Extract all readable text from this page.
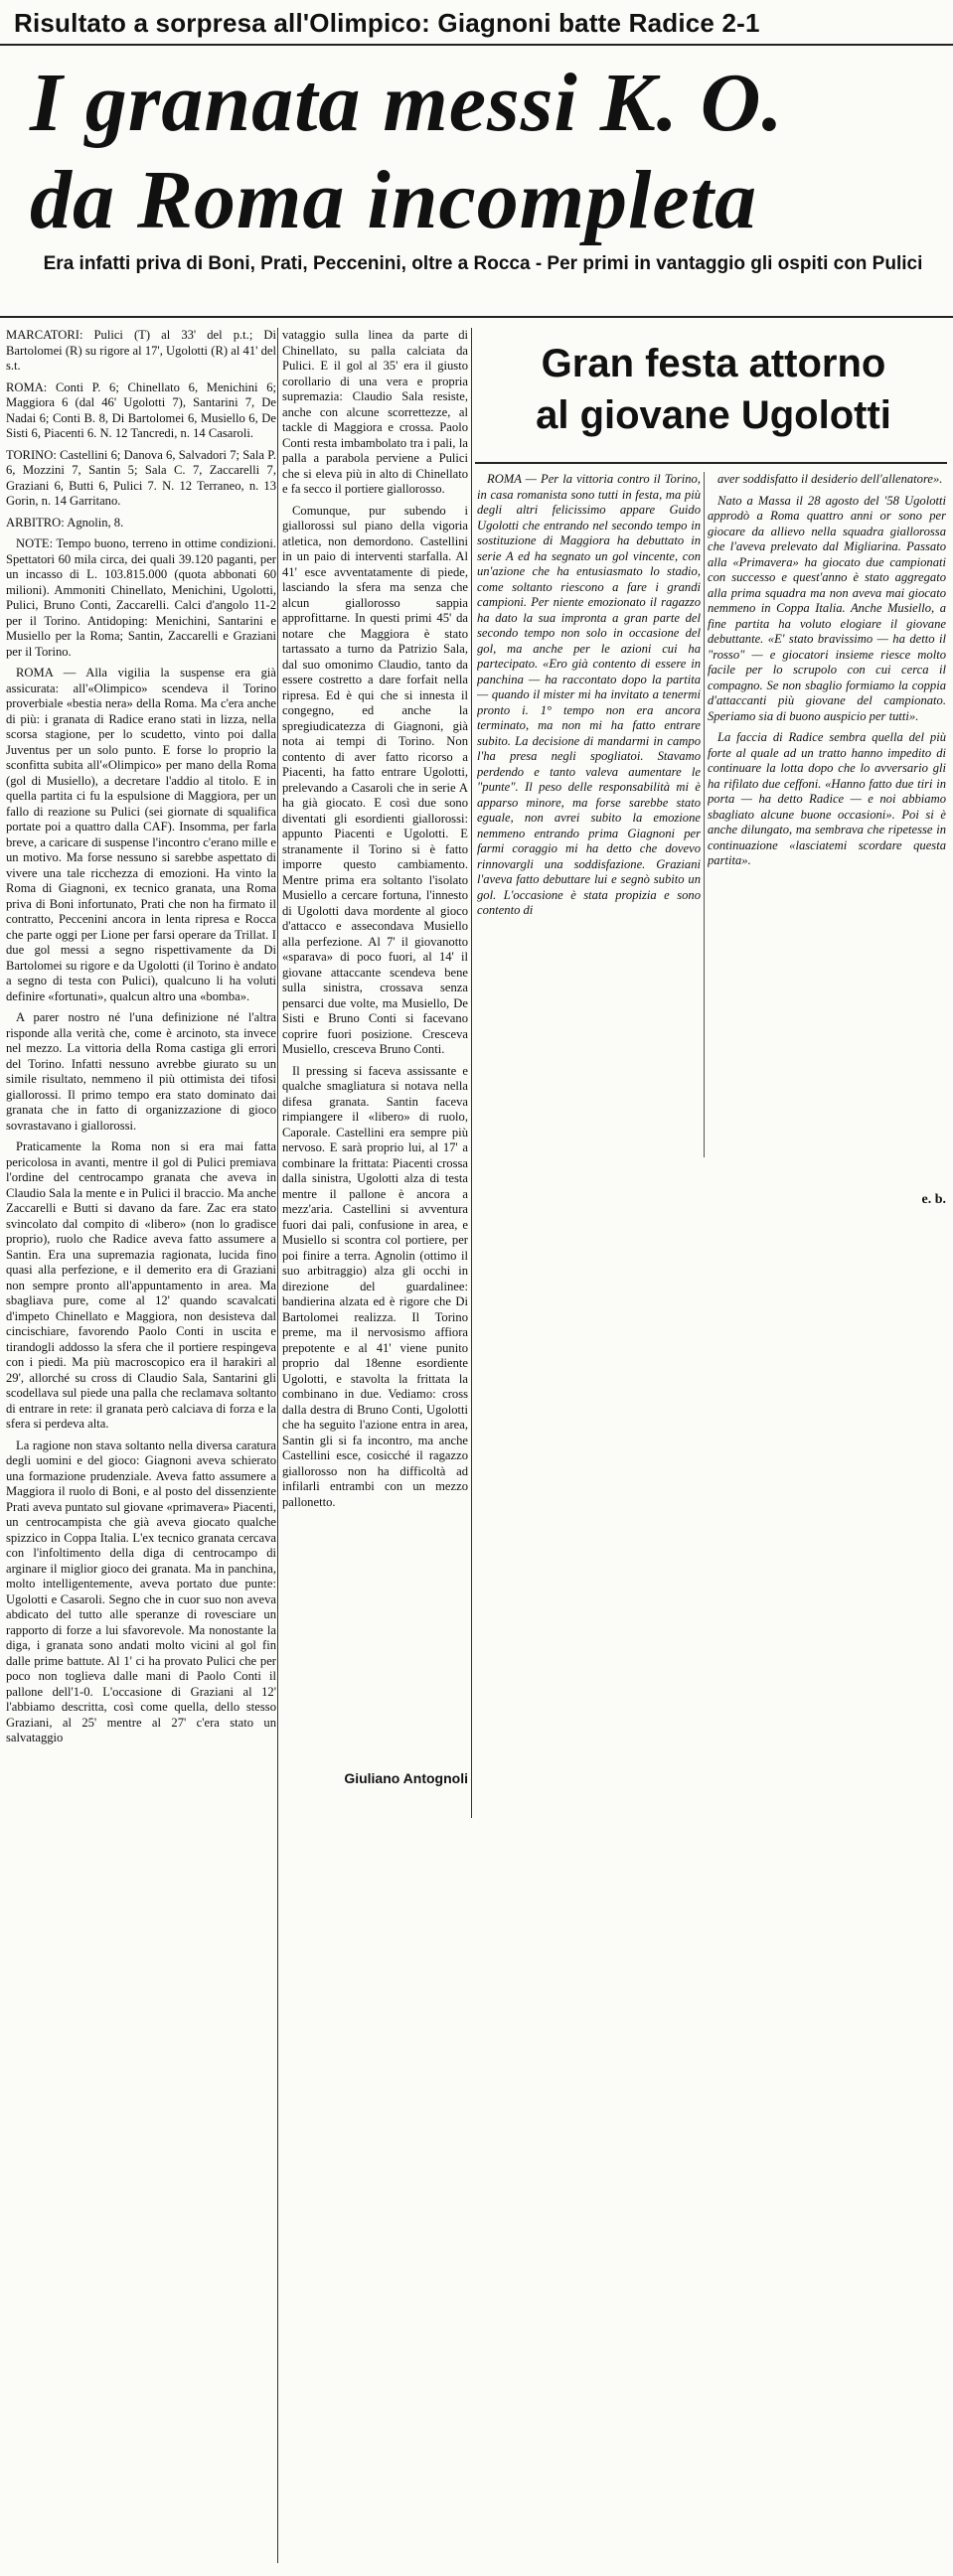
Risultato a sorpresa all'Olimpico: Giagnoni batte Radice 2-1
I granata messi K. O.
da Roma incompleta
Era infatti priva di Boni, Prati, Peccenini, oltre a Rocca - Per primi in vantaggio gli ospiti con Pulici

MARCATORI: Pulici (T) al 33' del p.t.; Di Bartolomei (R) su rigore al 17', Ugolotti (R) al 41' del s.t.

ROMA: Conti P. 6; Chinellato 6, Menichini 6; Maggiora 6 (dal 46' Ugolotti 7), Santarini 7, De Nadai 6; Conti B. 8, Di Bartolomei 6, Musiello 6, De Sisti 6, Piacenti 6. N. 12 Tancredi, n. 14 Casaroli.

TORINO: Castellini 6; Danova 6, Salvadori 7; Sala P. 6, Mozzini 7, Santin 5; Sala C. 7, Zaccarelli 7, Graziani 6, Butti 6, Pulici 7. N. 12 Terraneo, n. 13 Gorin, n. 14 Garritano.

ARBITRO: Agnolin, 8.

NOTE: Tempo buono, terreno in ottime condizioni. Spettatori 60 mila circa, dei quali 39.120 paganti, per un incasso di L. 103.815.000 (quota abbonati 60 milioni). Ammoniti Chinellato, Menichini, Ugolotti, Pulici, Bruno Conti, Zaccarelli. Calci d'angolo 11-2 per il Torino. Antidoping: Menichini, Santarini e Musiello per la Roma; Santin, Zaccarelli e Graziani per il Torino.

ROMA — Alla vigilia la suspense era già assicurata: all'«Olimpico» scendeva il Torino proverbiale «bestia nera» della Roma. Ma c'era anche di più: i granata di Radice erano stati in lizza, nella scorsa stagione, per lo scudetto, vinto poi dalla Juventus per un solo punto. E forse lo proprio la sconfitta subita all'«Olimpico» per mano della Roma (gol di Musiello), a decretare l'addio al titolo. E in quella partita ci fu la espulsione di Maggiora, per un fallo di reazione su Pulici (sei giornate di squalifica portate poi a quattro dalla CAF). Insomma, per farla breve, a caricare di suspense l'incontro c'erano mille e un motivo. Ma forse nessuno si sarebbe aspettato di vivere una tale ricchezza di emozioni. Ha vinto la Roma di Giagnoni, ex tecnico granata, una Roma priva di Boni infortunato, Prati che non ha firmato il contratto, Peccenini ancora in lenta ripresa e Rocca che parte oggi per Lione per farsi operare da Trillat. I due gol messi a segno rispettivamente da Di Bartolomei su rigore e da Ugolotti (il Torino è andato a segno di testa con Pulici), qualcuno li ha voluti definire «fortunati», qualcun altro una «bomba».

A parer nostro né l'una definizione né l'altra risponde alla verità che, come è arcinoto, sta invece nel mezzo. La vittoria della Roma castiga gli errori del Torino. Infatti nessuno avrebbe giurato su un simile risultato, nemmeno il più ottimista dei tifosi giallorossi. Il primo tempo era stato dominato dai granata che in fatto di organizzazione di gioco sovrastavano i giallorossi.

Praticamente la Roma non si era mai fatta pericolosa in avanti, mentre il gol di Pulici premiava l'ordine del centrocampo granata che aveva in Claudio Sala la mente e in Pulici il braccio. Ma anche Zaccarelli e Butti si davano da fare. Zac era stato svincolato dal compito di «libero» (non lo gradisce proprio), ruolo che Radice aveva fatto assumere a Santin. Era una supremazia ragionata, lucida fino quasi alla perfezione, e il demerito era di Graziani non sempre pronto all'appuntamento in area. Ma sbagliava pure, come al 12' quando scavalcati d'impeto Chinellato e Maggiora, non desisteva dal cincischiare, favorendo Paolo Conti in uscita e tirandogli addosso la sfera che il portiere respingeva con i piedi. Ma più macroscopico era il harakiri al 29', allorché su cross di Claudio Sala, Santarini gli scodellava sul piede una palla che reclamava soltanto di entrare in rete: il granata però calciava di forza e la sfera si perdeva alta.

La ragione non stava soltanto nella diversa caratura degli uomini e del gioco: Giagnoni aveva schierato una formazione prudenziale. Aveva fatto assumere a Maggiora il ruolo di Boni, e al posto del dissenziente Prati aveva puntato sul giovane «primavera» Piacenti, un centrocampista che già aveva giocato qualche spizzico in Coppa Italia. L'ex tecnico granata cercava con l'infoltimento della diga di centrocampo di arginare il miglior gioco dei granata. Ma in panchina, molto intelligentemente, aveva portato due punte: Ugolotti e Casaroli. Segno che in cuor suo non aveva abdicato del tutto alle speranze di rovesciare un rapporto di forze a lui sfavorevole. Ma nonostante la diga, i granata sono andati molto vicini al gol fin dalle prime battute. Al 1' ci ha provato Pulici che per poco non toglieva dalle mani di Paolo Conti il pallone dell'1-0. L'occasione di Graziani al 12' l'abbiamo descritta, così come quella, dello stesso Graziani, al 25' mentre al 27' c'era stato un salvataggio

vataggio sulla linea da parte di Chinellato, su palla calciata da Pulici. E il gol al 35' era il giusto corollario di una vera e propria supremazia: Claudio Sala resiste, anche con alcune scorrettezze, al tackle di Maggiora e crossa. Paolo Conti resta imbambolato tra i pali, la palla a parabola perviene a Pulici che si eleva più in alto di Chinellato e fa secco il portiere giallorosso.

Comunque, pur subendo i giallorossi sul piano della vigoria atletica, non demordono. Castellini in un paio di interventi starfalla. Al 41' esce avventatamente di piede, lasciando la sfera ma senza che alcun giallorosso sappia approfittarne. In questi primi 45' da notare che Maggiora è stato tartassato a turno da Patrizio Sala, dal suo omonimo Claudio, tanto da essere costretto a dare forfait nella ripresa. Ed è qui che si innesta il congegno, ed anche la spregiudicatezza di Giagnoni, già nota ai tempi di Torino. Non contento di aver fatto ricorso a Piacenti, ha fatto entrare Ugolotti, prelevando a Casaroli che in serie A ha già giocato. E così due sono diventati gli esordienti giallorossi: appunto Piacenti e Ugolotti. E stranamente il Torino si è fatto imporre questo cambiamento. Mentre prima era soltanto l'isolato Musiello a cercare fortuna, l'innesto di Ugolotti dava mordente al gioco d'attacco e assecondava Musiello alla perfezione. Al 7' il giovanotto «sparava» di poco fuori, al 14' il giovane attaccante scendeva bene sulla sinistra, crossava senza pensarci due volte, ma Musiello, De Sisti e Bruno Conti si facevano coprire fuori posizione. Cresceva Musiello, cresceva Bruno Conti.

Il pressing si faceva assissante e qualche smagliatura si notava nella difesa granata. Santin faceva rimpiangere il «libero» di ruolo, Caporale. Castellini era sempre più nervoso. E sarà proprio lui, al 17' a combinare la frittata: Piacenti crossa dalla sinistra, Ugolotti alza di testa mentre il pallone è ancora a mezz'aria. Castellini si avventura fuori dai pali, confusione in area, e Musiello si scontra col portiere, per poi finire a terra. Agnolin (ottimo il suo arbitraggio) alza gli occhi in direzione del guardalinee: bandierina alzata ed è rigore che Di Bartolomei realizza. Il Torino preme, ma il nervosismo affiora prepotente e al 41' viene punito proprio dal 18enne esordiente Ugolotti, e stavolta la frittata la combinano in due. Vediamo: cross dalla destra di Bruno Conti, Ugolotti che ha seguito l'azione entra in area, Santin gli si fa incontro, ma anche Castellini esce, cosicché il ragazzo giallorosso non ha difficoltà ad infilarli entrambi con un mezzo pallonetto.

Giuliano Antognoli
Gran festa attorno
al giovane Ugolotti

ROMA — Per la vittoria contro il Torino, in casa romanista sono tutti in festa, ma più degli altri felicissimo appare Guido Ugolotti che entrando nel secondo tempo in sostituzione di Maggiora ha debuttato in serie A ed ha segnato un gol vincente, con un'azione che ha entusiasmato lo stadio, come soltanto riescono a fare i grandi campioni. Per niente emozionato il ragazzo ha dato la sua impronta a gran parte del secondo tempo non solo in occasione del gol, ma anche per le azioni cui ha partecipato. «Ero già contento di essere in panchina — ha raccontato dopo la partita — quando il mister mi ha invitato a tenermi pronto i. 1° tempo non era ancora terminato, ma non mi ha fatto entrare subito. La decisione di mandarmi in campo l'ha presa negli spogliatoi. Stavamo perdendo e tanto valeva aumentare le "punte". Il peso delle responsabilità mi è apparso minore, ma forse sarebbe stato eguale, non avrei subito la emozione nemmeno entrando prima Giagnoni per farmi coraggio mi ha detto che dovevo rinnovargli una soddisfazione. Graziani l'aveva fatto debuttare lui e segnò subito un gol. L'occasione è stata propizia e sono contento di

aver soddisfatto il desiderio dell'allenatore».

Nato a Massa il 28 agosto del '58 Ugolotti approdò a Roma quattro anni or sono per giocare da allievo nella squadra giallorossa che l'aveva prelevato dal Migliarina. Passato alla «Primavera» ha giocato due campionati con successo e quest'anno è stato aggregato alla prima squadra ma non aveva mai giocato nemmeno in Coppa Italia. Anche Musiello, a fine partita ha voluto elogiare il giovane debuttante. «E' stato bravissimo — ha detto il "rosso" — e giocatori insieme riesce molto facile per lo scrupolo con cui cerca il compagno. Se non sbaglio formiamo la coppia d'attaccanti più giovane del campionato. Speriamo sia di buono auspicio per tutti».

La faccia di Radice sembra quella del più forte al quale ad un tratto hanno impedito di continuare la lotta dopo che lo avversario gli ha rifilato due ceffoni. «Hanno fatto due tiri in porta — ha detto Radice — e noi abbiamo sbagliato alcune buone occasioni». Poi si è anche dilungato, ma sembrava che ripetesse in continuazione «lasciatemi scordare questa partita».

e. b.
